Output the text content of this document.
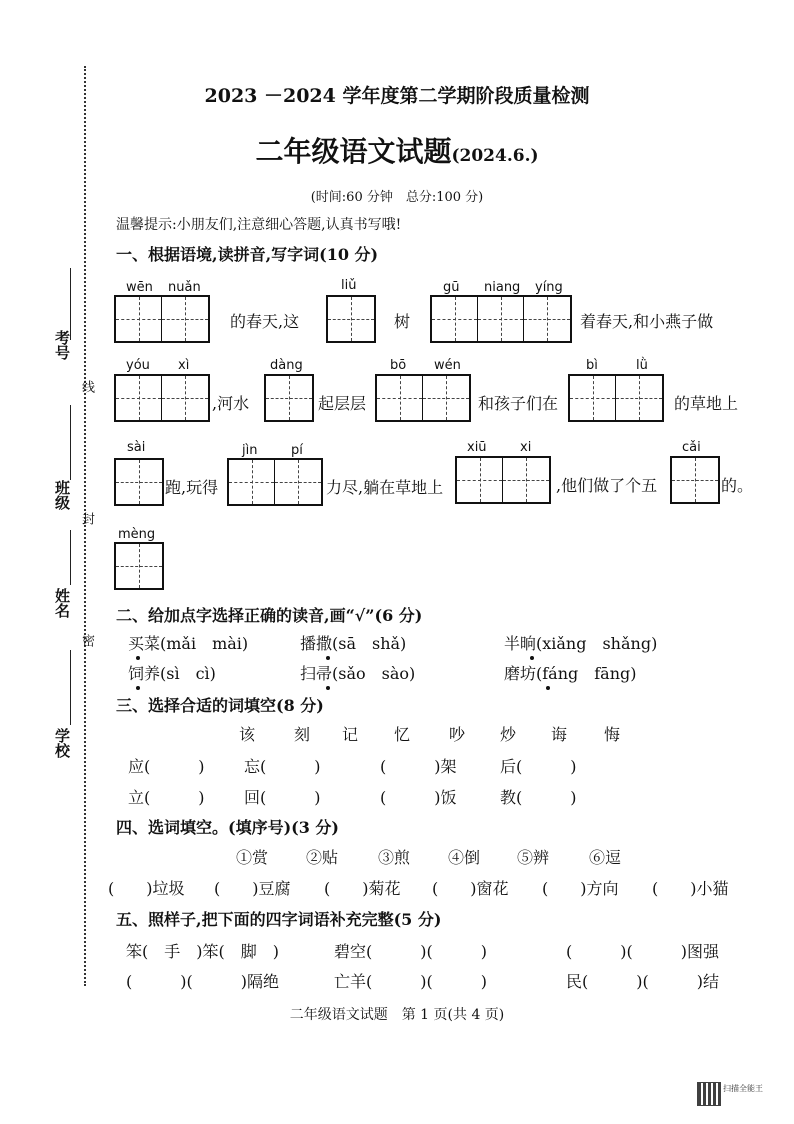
考号
线
班级
封
姓名
密
学校
2023 －2024 学年度第二学期阶段质量检测
二年级语文试题(2024.6.)
(时间:60 分钟　总分:100 分)
温馨提示:小朋友们,注意细心答题,认真书写哦!
一、根据语境,读拼音,写字词(10 分)
wēn nuǎn
的春天,这
liǔ
树
gū niang yíng
着春天,和小燕子做
yóu xì
,河水
dàng
起层层
bō wén
和孩子们在
bì	lǜ
的草地上
sài
跑,玩得
jìn	pí
力尽,躺在草地上
xiū	xi
,他们做了个五
cǎi
的。
mèng
二、给加点字选择正确的读音,画“√”(6 分)
买菜(mǎi　mài)	播撒(sā　shǎ)	半晌(xiǎng　shǎng)
饲养(sì　cì)	扫帚(sǎo　sào)	磨坊(fáng　fāng)
三、选择合适的词填空(8 分)
该 刻 记 忆 吵 炒 诲 悔
应(　　　) 忘(　　　)	(　　　)架	后(　　　)
立(　　　) 回(　　　)	(　　　)饭	教(　　　)
四、选词填空。(填序号)(3 分)
①赏 ②贴 ③煎 ④倒 ⑤辨 ⑥逗
(　　)垃圾 (　　)豆腐 (　　)菊花 (　　)窗花 (　　)方向 (　　)小猫
五、照样子,把下面的四字词语补充完整(5 分)
笨(　手　)笨(　脚　)	碧空(　　　)(　　　)	(　　　)(　　　)图强
(　　　)(　　　)隔绝	亡羊(　　　)(　　　)	民(　　　)(　　　)结
二年级语文试题　第 1 页(共 4 页)
扫描全能王
